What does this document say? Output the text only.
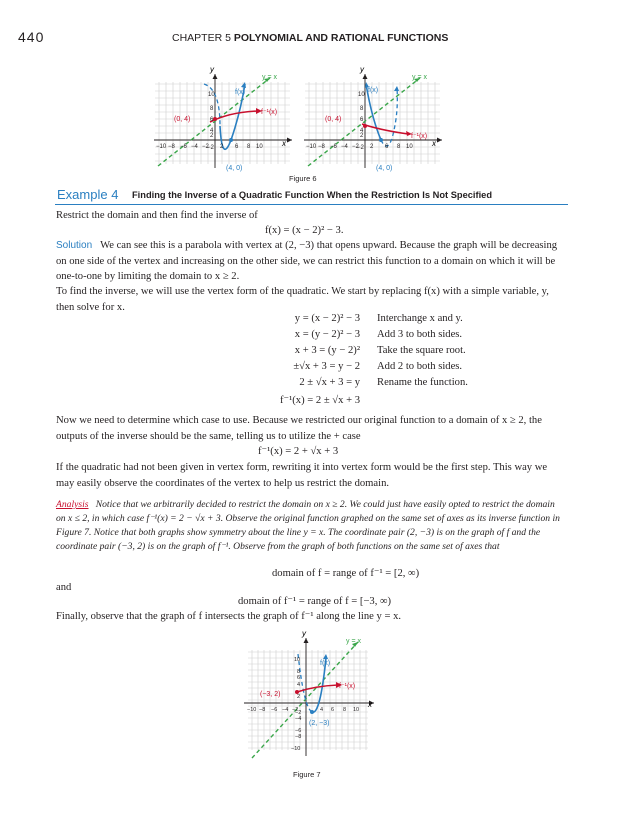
440	CHAPTER 5 POLYNOMIAL AND RATIONAL FUNCTIONS
10
8
6
4
2
−2
−10 −8 −6 −4 −2 2 6 8 10
y
x
y = x
f(x)
f⁻¹(x)
(0, 4)
(4, 0)
10
8
6
4
2
−2
−10 −8 −6 −4 −2 2 6 8 10
y
x
y = x
f(x)
f⁻¹(x)
(0, 4)
(4, 0)
Figure 6
Example 4 Finding the Inverse of a Quadratic Function When the Restriction Is Not Specified

Restrict the domain and then find the inverse of

f(x) = (x − 2)² − 3.

Solution We can see this is a parabola with vertex at (2, −3) that opens upward. Because the graph will be decreasing on one side of the vertex and increasing on the other side, we can restrict this function to a domain on which it will be one-to-one by limiting the domain to x ≥ 2.

To find the inverse, we will use the vertex form of the quadratic. We start by replacing f(x) with a simple variable, y, then solve for x.

y = (x − 2)² − 3 Interchange x and y.
x = (y − 2)² − 3 Add 3 to both sides.
x + 3 = (y − 2)² Take the square root.
±√x + 3 = y − 2 Add 2 to both sides.
2 ± √x + 3 = y Rename the function.
f⁻¹(x) = 2 ± √x + 3

Now we need to determine which case to use. Because we restricted our original function to a domain of x ≥ 2, the outputs of the inverse should be the same, telling us to utilize the + case

f⁻¹(x) = 2 + √x + 3

If the quadratic had not been given in vertex form, rewriting it into vertex form would be the first step. This way we may easily observe the coordinates of the vertex to help us restrict the domain.

Analysis Notice that we arbitrarily decided to restrict the domain on x ≥ 2. We could just have easily opted to restrict the domain on x ≤ 2, in which case f⁻¹(x) = 2 − √x + 3. Observe the original function graphed on the same set of axes as its inverse function in Figure 7. Notice that both graphs show symmetry about the line y = x. The coordinate pair (2, −3) is on the graph of f and the coordinate pair (−3, 2) is on the graph of f⁻¹. Observe from the graph of both functions on the same set of axes that

domain of f = range of f⁻¹ = [2, ∞)

and

domain of f⁻¹ = range of f = [−3, ∞)

Finally, observe that the graph of f intersects the graph of f⁻¹ along the line y = x.

10
8
6
4
2
−2
−4
−6
−8
−10
−10 −8 −6 −4 −2	4 6 8 10
y
x
y = x
f(x)
f⁻¹(x)
(−3, 2)
(2, −3)
Figure 7
